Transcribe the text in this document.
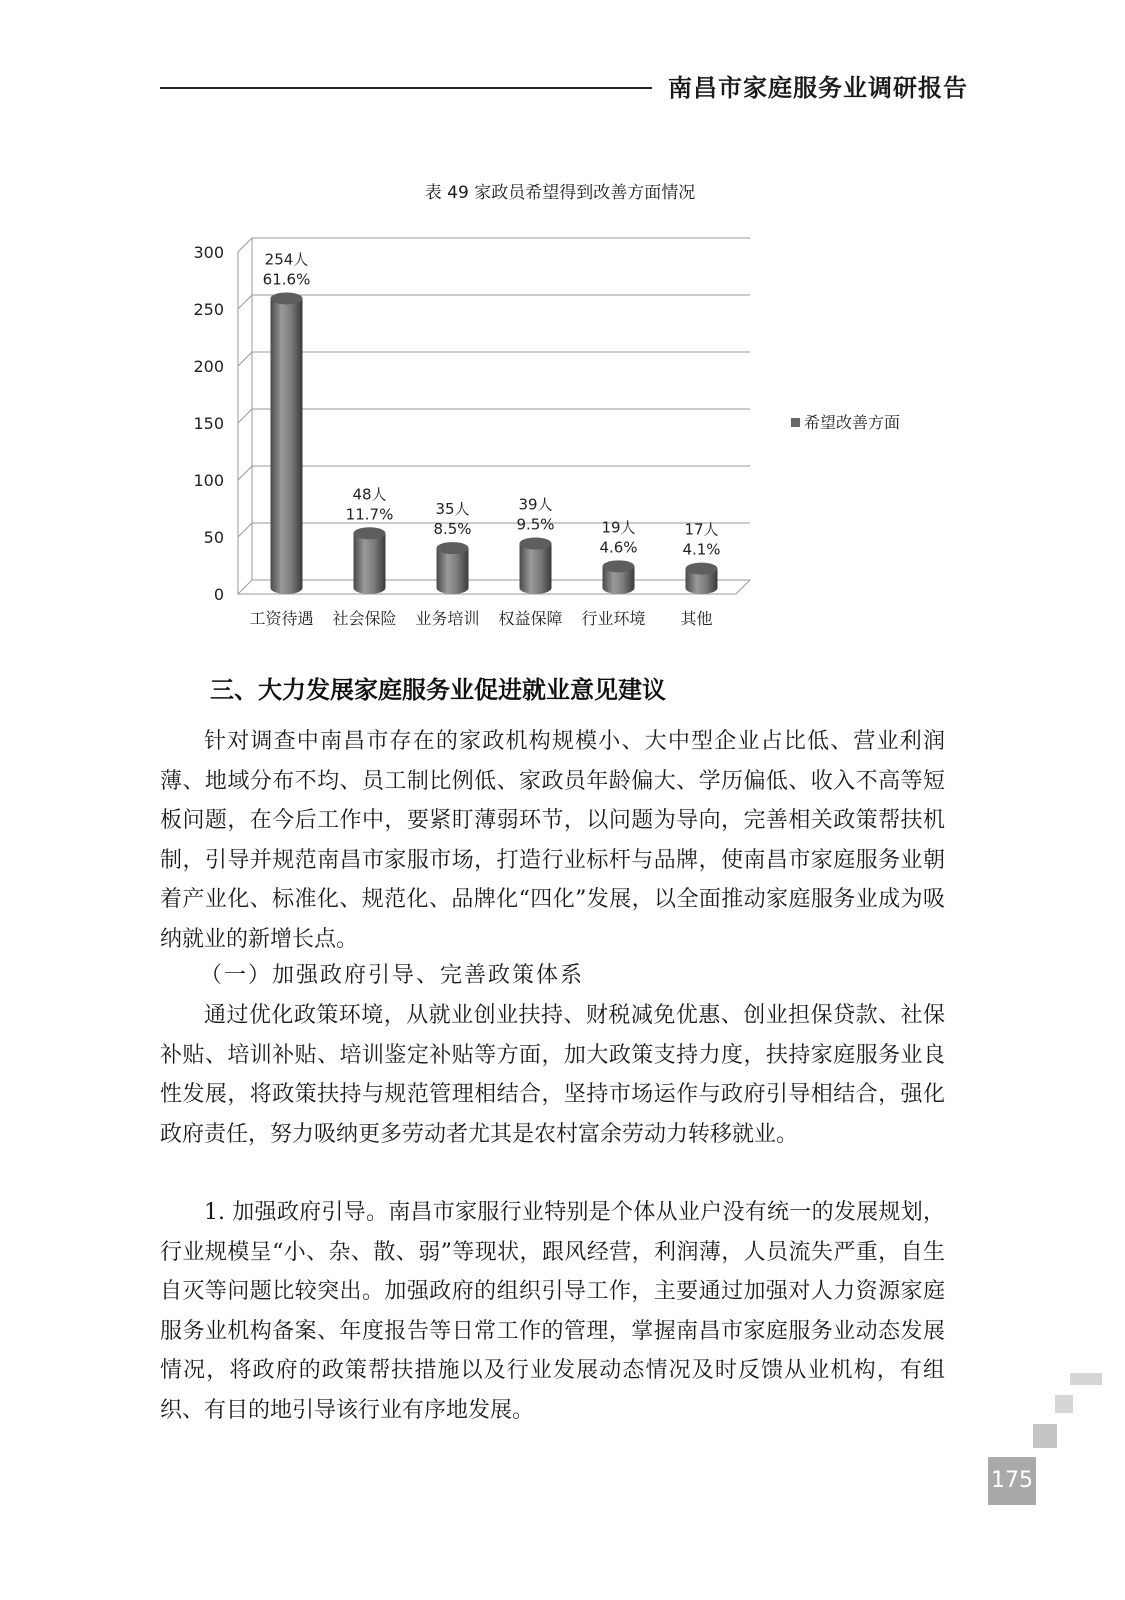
南昌市家庭服务业调研报告
表 49 家政员希望得到改善方面情况
0
50
100
150
200
250
300	254人
61.6%
48人
11.7%	35人
8.5%
39人
9.5%	19人
4.6%
17人
4.1%
工资待遇 社会保险 业务培训 权益保障 行业环境 其他
希望改善方面
三、大力发展家庭服务业促进就业意见建议

针对调查中南昌市存在的家政机构规模小、大中型企业占比低、营业利润薄、地域分布不均、员工制比例低、家政员年龄偏大、学历偏低、收入不高等短板问题，在今后工作中，要紧盯薄弱环节，以问题为导向，完善相关政策帮扶机制，引导并规范南昌市家服市场，打造行业标杆与品牌，使南昌市家庭服务业朝着产业化、标准化、规范化、品牌化“四化”发展，以全面推动家庭服务业成为吸纳就业的新增长点。

（一）加强政府引导、完善政策体系

通过优化政策环境，从就业创业扶持、财税减免优惠、创业担保贷款、社保补贴、培训补贴、培训鉴定补贴等方面，加大政策支持力度，扶持家庭服务业良性发展，将政策扶持与规范管理相结合，坚持市场运作与政府引导相结合，强化政府责任，努力吸纳更多劳动者尤其是农村富余劳动力转移就业。

1. 加强政府引导。南昌市家服行业特别是个体从业户没有统一的发展规划，行业规模呈“小、杂、散、弱”等现状，跟风经营，利润薄，人员流失严重，自生自灭等问题比较突出。加强政府的组织引导工作，主要通过加强对人力资源家庭服务业机构备案、年度报告等日常工作的管理，掌握南昌市家庭服务业动态发展情况，将政府的政策帮扶措施以及行业发展动态情况及时反馈从业机构，有组织、有目的地引导该行业有序地发展。

175
